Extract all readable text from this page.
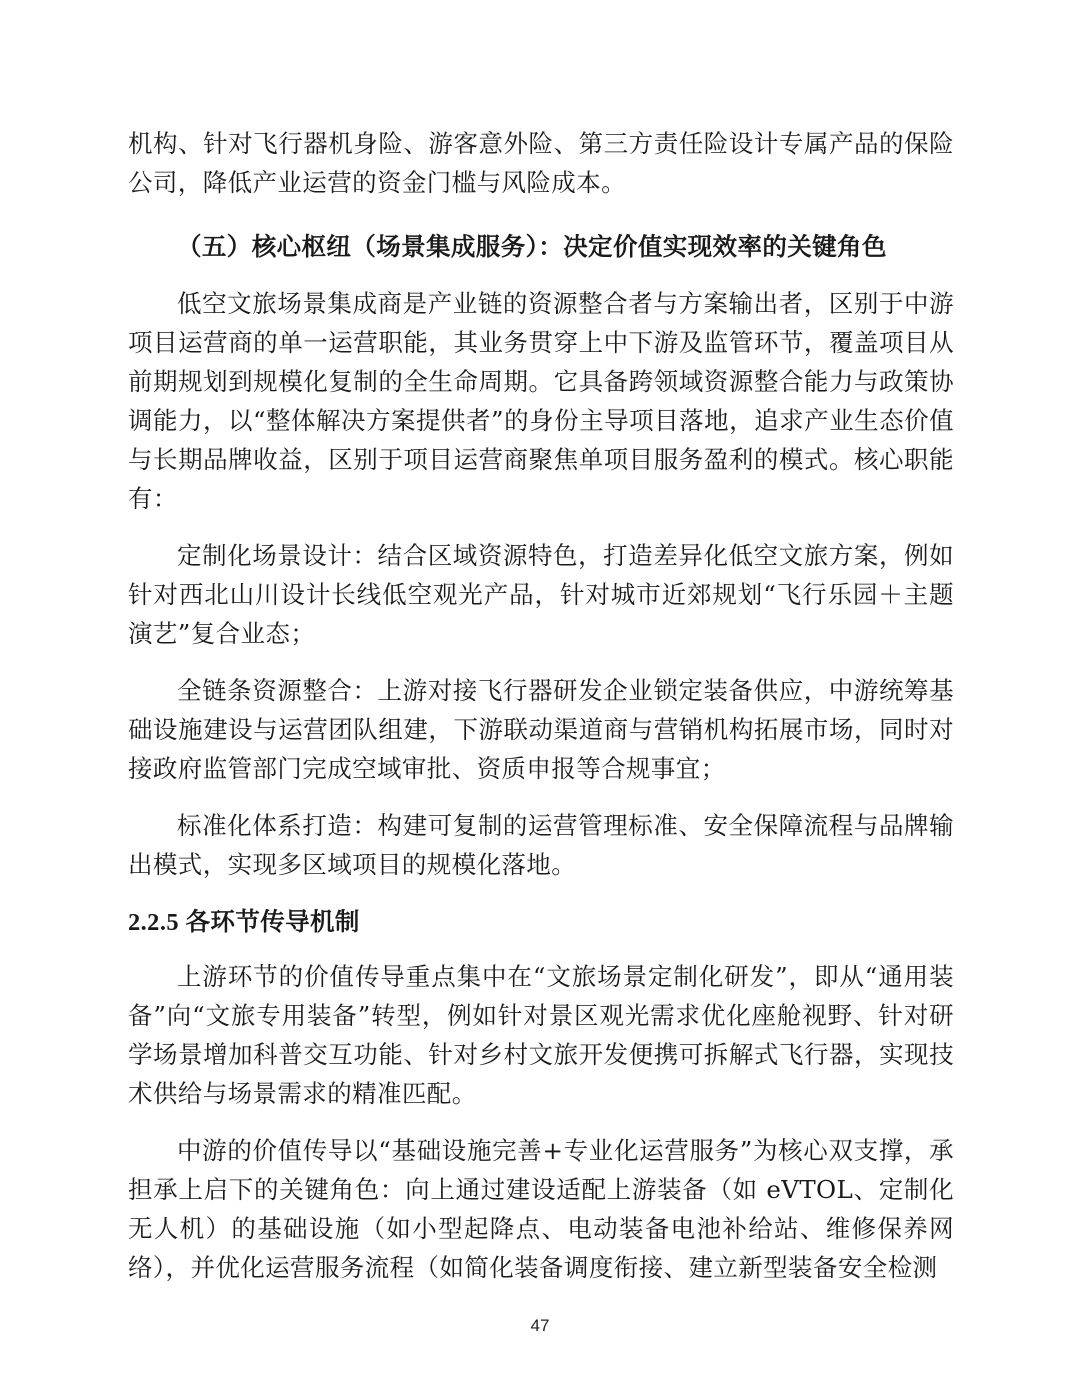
机构、针对飞行器机身险、游客意外险、第三方责任险设计专属产品的保险公司，降低产业运营的资金门槛与风险成本。

（五）核心枢纽（场景集成服务）：决定价值实现效率的关键角色

低空文旅场景集成商是产业链的资源整合者与方案输出者，区别于中游项目运营商的单一运营职能，其业务贯穿上中下游及监管环节，覆盖项目从前期规划到规模化复制的全生命周期。它具备跨领域资源整合能力与政策协调能力，以“整体解决方案提供者”的身份主导项目落地，追求产业生态价值与长期品牌收益，区别于项目运营商聚焦单项目服务盈利的模式。核心职能有：

定制化场景设计：结合区域资源特色，打造差异化低空文旅方案，例如针对西北山川设计长线低空观光产品，针对城市近郊规划“飞行乐园＋主题演艺”复合业态；

全链条资源整合：上游对接飞行器研发企业锁定装备供应，中游统筹基础设施建设与运营团队组建，下游联动渠道商与营销机构拓展市场，同时对接政府监管部门完成空域审批、资质申报等合规事宜；

标准化体系打造：构建可复制的运营管理标准、安全保障流程与品牌输出模式，实现多区域项目的规模化落地。

2.2.5 各环节传导机制

上游环节的价值传导重点集中在“文旅场景定制化研发”，即从“通用装备”向“文旅专用装备”转型，例如针对景区观光需求优化座舱视野、针对研学场景增加科普交互功能、针对乡村文旅开发便携可拆解式飞行器，实现技术供给与场景需求的精准匹配。

中游的价值传导以“基础设施完善+专业化运营服务”为核心双支撑，承担承上启下的关键角色：向上通过建设适配上游装备（如 eVTOL、定制化无人机）的基础设施（如小型起降点、电动装备电池补给站、维修保养网络），并优化运营服务流程（如简化装备调度衔接、建立新型装备安全检测

47
